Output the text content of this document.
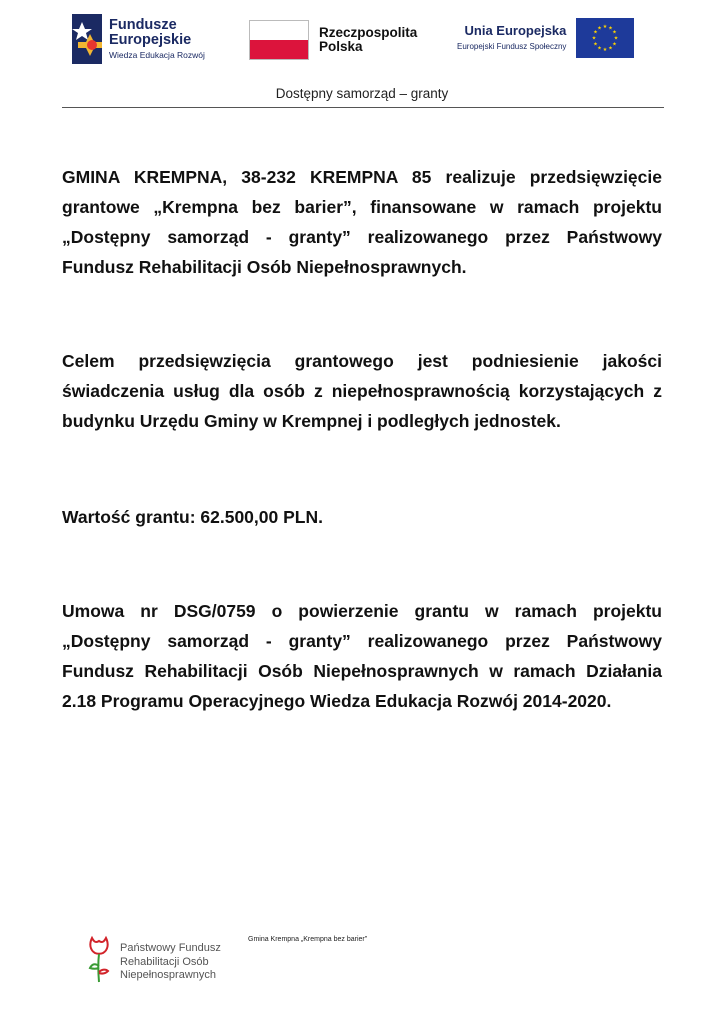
Fundusze
Europejskie
Wiedza Edukacja Rozwój
Rzeczpospolita
Polska
Unia Europejska
Europejski Fundusz Społeczny
★ ★
★
★
★
★
★
★
★
★
★
★
Dostępny samorząd – granty

GMINA KREMPNA, 38-232 KREMPNA 85 realizuje przedsięwzięcie grantowe „Krempna bez barier”, finansowane w ramach projektu „Dostępny samorząd - granty” realizowanego przez Państwowy Fundusz Rehabilitacji Osób Niepełnosprawnych.

Celem przedsięwzięcia grantowego jest podniesienie jakości świadczenia usług dla osób z niepełnosprawnością korzystających z budynku Urzędu Gminy w Krempnej i podległych jednostek.

Wartość grantu: 62.500,00 PLN.

Umowa nr DSG/0759 o powierzenie grantu w ramach projektu „Dostępny samorząd - granty” realizowanego przez Państwowy Fundusz Rehabilitacji Osób Niepełnosprawnych w ramach Działania 2.18 Programu Operacyjnego Wiedza Edukacja Rozwój 2014-2020.

Państwowy Fundusz
Rehabilitacji Osób
Niepełnosprawnych
Gmina Krempna „Krempna bez barier”
